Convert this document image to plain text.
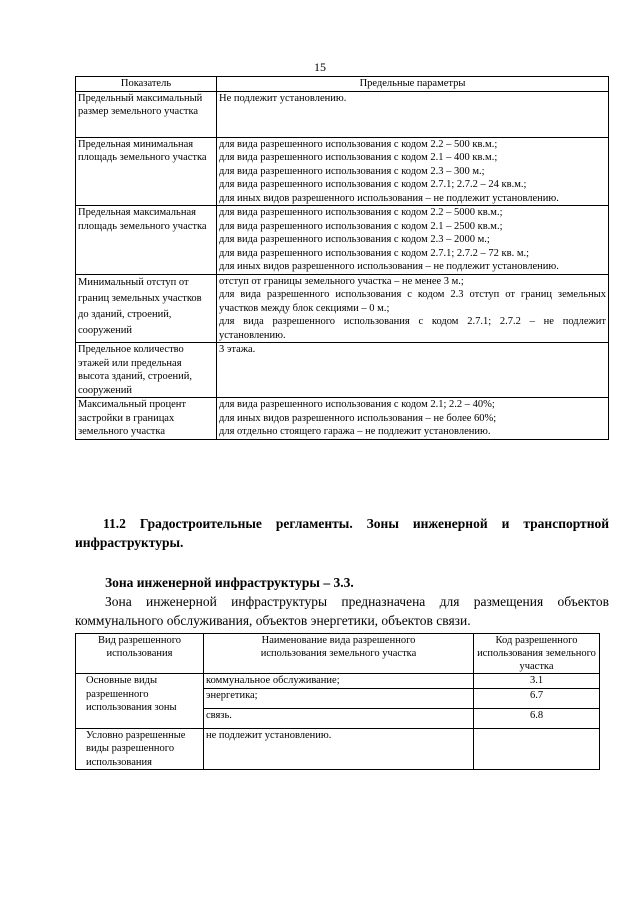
15
Показатель	Предельные параметры
Предельный максимальный размер земельного участка	Не подлежит установлению.

Предельная минимальная площадь земельного участка	для вида разрешенного использования с кодом 2.2 – 500 кв.м.;
для вида разрешенного использования с кодом 2.1 – 400 кв.м.;
для вида разрешенного использования с кодом 2.3 – 300 м.;
для вида разрешенного использования с кодом 2.7.1; 2.7.2 – 24 кв.м.;
для иных видов разрешенного использования – не подлежит установлению.

Предельная максимальная площадь земельного участка	для вида разрешенного использования с кодом 2.2 – 5000 кв.м.;
для вида разрешенного использования с кодом 2.1 – 2500 кв.м.;
для вида разрешенного использования с кодом 2.3 – 2000 м.;
для вида разрешенного использования с кодом 2.7.1; 2.7.2 – 72 кв. м.;
для иных видов разрешенного использования – не подлежит установлению.

Минимальный отступ от границ земельных участков до зданий, строений, сооружений	отступ от границы земельного участка – не менее 3 м.;
для вида разрешенного использования с кодом 2.3 отступ от границ земельных участков между блок секциями – 0 м.;
для вида разрешенного использования с кодом 2.7.1; 2.7.2 – не подлежит установлению.

Предельное количество этажей или предельная высота зданий, строений, сооружений	3 этажа.

Максимальный процент застройки в границах земельного участка	для вида разрешенного использования с кодом 2.1; 2.2 – 40%;
для иных видов разрешенного использования – не более 60%;
для отдельно стоящего гаража – не подлежит установлению.
11.2 Градостроительные регламенты. Зоны инженерной и транспортной инфраструктуры.
Зона инженерной инфраструктуры – 3.3.
Зона инженерной инфраструктуры предназначена для размещения объектов коммунального обслуживания, объектов энергетики, объектов связи.
Вид разрешенного использования	Наименование вида разрешенного использования земельного участка	Код разрешенного использования земельного участка
Основные виды разрешенного использования зоны	коммунальное обслуживание;	3.1
	энергетика;	6.7
	связь.	6.8
Условно разрешенные виды разрешенного использования	не подлежит установлению.	
